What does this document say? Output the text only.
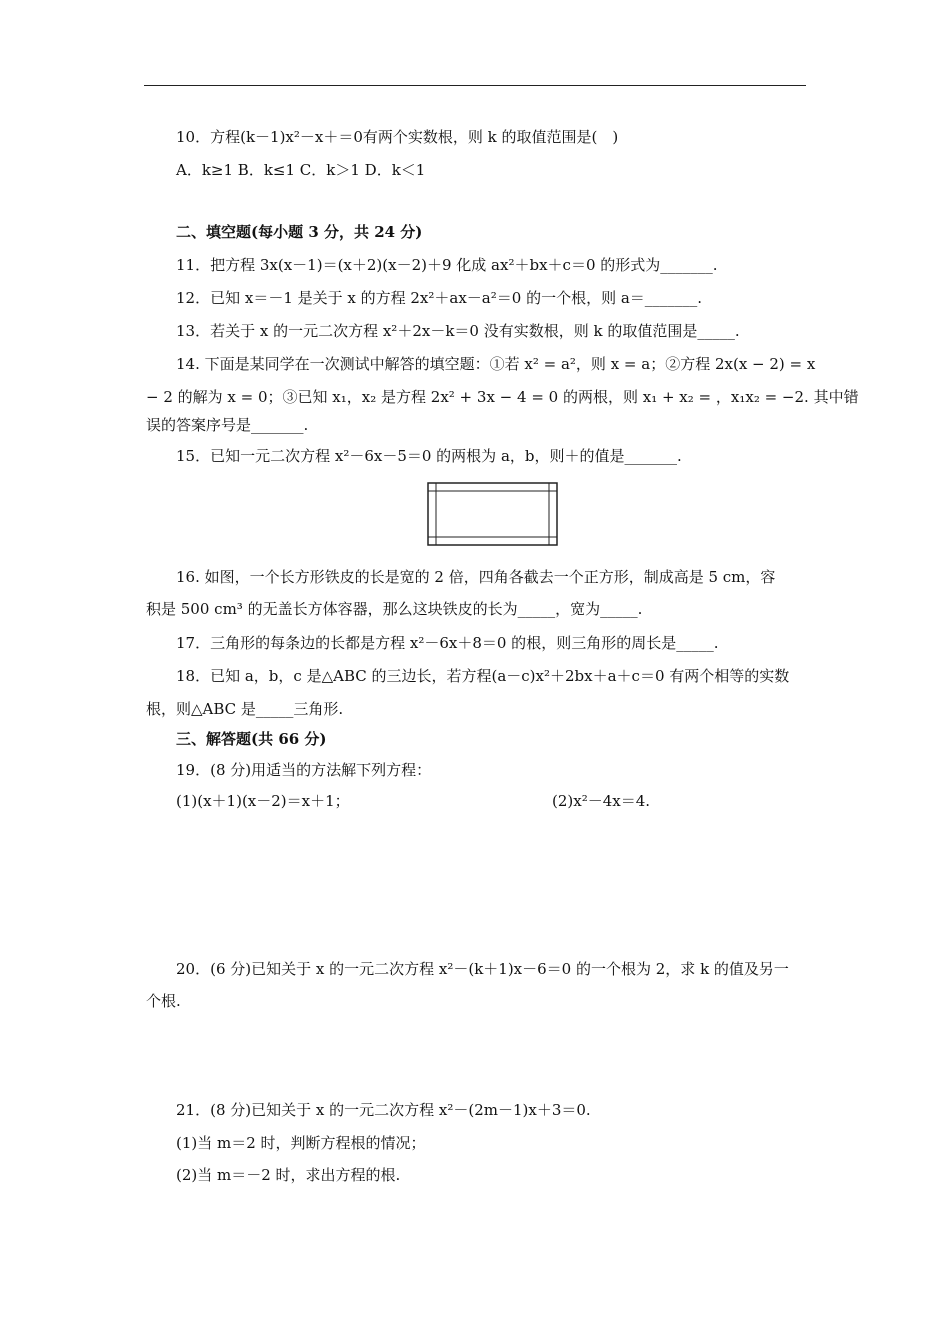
10．方程(k－1)x²－x＋＝0有两个实数根，则 k 的取值范围是(　)
A．k≥1 B．k≤1 C．k＞1 D．k＜1
二、填空题(每小题 3 分，共 24 分)
11．把方程 3x(x－1)＝(x＋2)(x－2)＋9 化成 ax²＋bx＋c＝0 的形式为_______.
12．已知 x＝－1 是关于 x 的方程 2x²＋ax－a²＝0 的一个根，则 a＝_______.
13．若关于 x 的一元二次方程 x²＋2x－k＝0 没有实数根，则 k 的取值范围是_____.
14. 下面是某同学在一次测试中解答的填空题：①若 x² = a²，则 x = a；②方程 2x(x − 2) = x
− 2 的解为 x = 0；③已知 x₁，x₂ 是方程 2x² + 3x − 4 = 0 的两根，则 x₁ + x₂ = ，x₁x₂ = −2. 其中错
误的答案序号是_______.
15．已知一元二次方程 x²－6x－5＝0 的两根为 a，b，则＋的值是_______.
16. 如图，一个长方形铁皮的长是宽的 2 倍，四角各截去一个正方形，制成高是 5 cm，容
积是 500 cm³ 的无盖长方体容器，那么这块铁皮的长为_____，宽为_____.
17．三角形的每条边的长都是方程 x²－6x＋8＝0 的根，则三角形的周长是_____.
18．已知 a，b，c 是△ABC 的三边长，若方程(a－c)x²＋2bx＋a＋c＝0 有两个相等的实数
根，则△ABC 是_____三角形.
三、解答题(共 66 分)
19．(8 分)用适当的方法解下列方程：
(1)(x＋1)(x－2)＝x＋1；	(2)x²－4x＝4.
20．(6 分)已知关于 x 的一元二次方程 x²－(k＋1)x－6＝0 的一个根为 2，求 k 的值及另一
个根.
21．(8 分)已知关于 x 的一元二次方程 x²－(2m－1)x＋3＝0.
(1)当 m＝2 时，判断方程根的情况；
(2)当 m＝－2 时，求出方程的根.
